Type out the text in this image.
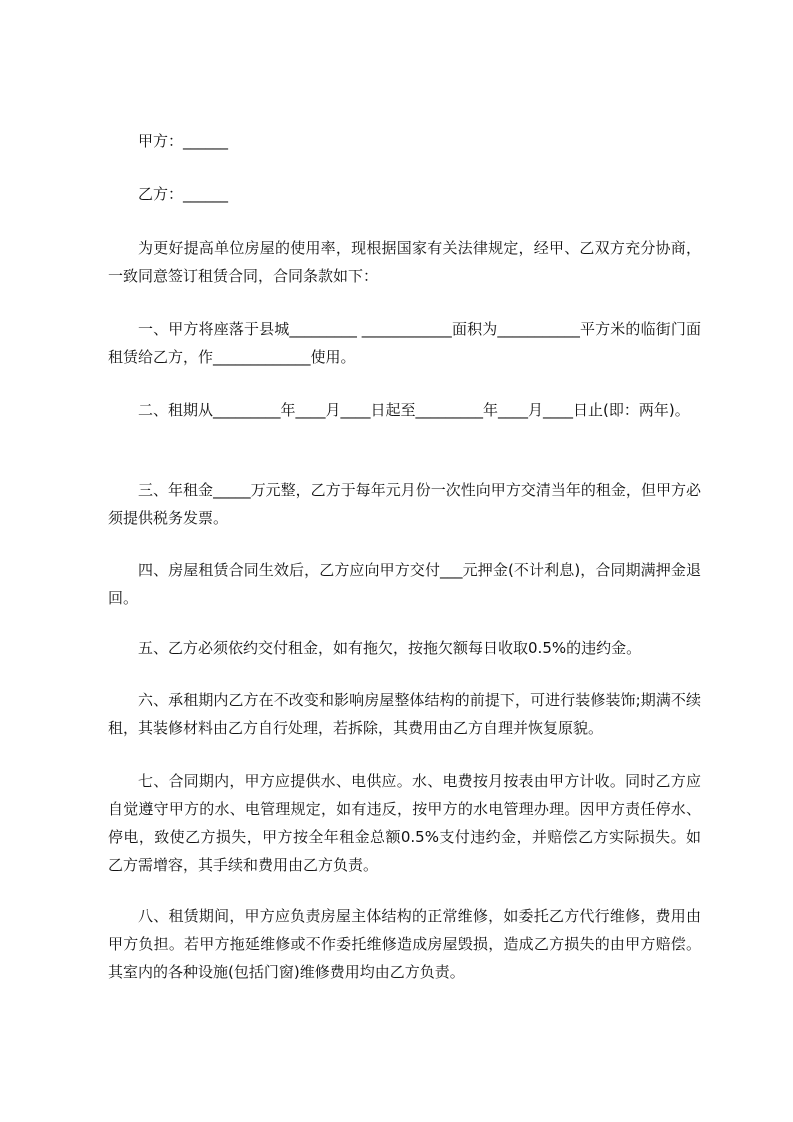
甲方：______

乙方：______

为更好提高单位房屋的使用率，现根据国家有关法律规定，经甲、乙双方充分协商，一致同意签订租赁合同，合同条款如下：

一、甲方将座落于县城_________ ____________面积为___________平方米的临街门面租赁给乙方，作_____________使用。

二、租期从_________年____月____日起至_________年____月____日止(即：两年)。

三、年租金_____万元整，乙方于每年元月份一次性向甲方交清当年的租金，但甲方必须提供税务发票。

四、房屋租赁合同生效后，乙方应向甲方交付___元押金(不计利息)，合同期满押金退回。

五、乙方必须依约交付租金，如有拖欠，按拖欠额每日收取0.5%的违约金。

六、承租期内乙方在不改变和影响房屋整体结构的前提下，可进行装修装饰;期满不续租，其装修材料由乙方自行处理，若拆除，其费用由乙方自理并恢复原貌。

七、合同期内，甲方应提供水、电供应。水、电费按月按表由甲方计收。同时乙方应自觉遵守甲方的水、电管理规定，如有违反，按甲方的水电管理办理。因甲方责任停水、停电，致使乙方损失，甲方按全年租金总额0.5%支付违约金，并赔偿乙方实际损失。如乙方需增容，其手续和费用由乙方负责。

八、租赁期间，甲方应负责房屋主体结构的正常维修，如委托乙方代行维修，费用由甲方负担。若甲方拖延维修或不作委托维修造成房屋毁损，造成乙方损失的由甲方赔偿。其室内的各种设施(包括门窗)维修费用均由乙方负责。
